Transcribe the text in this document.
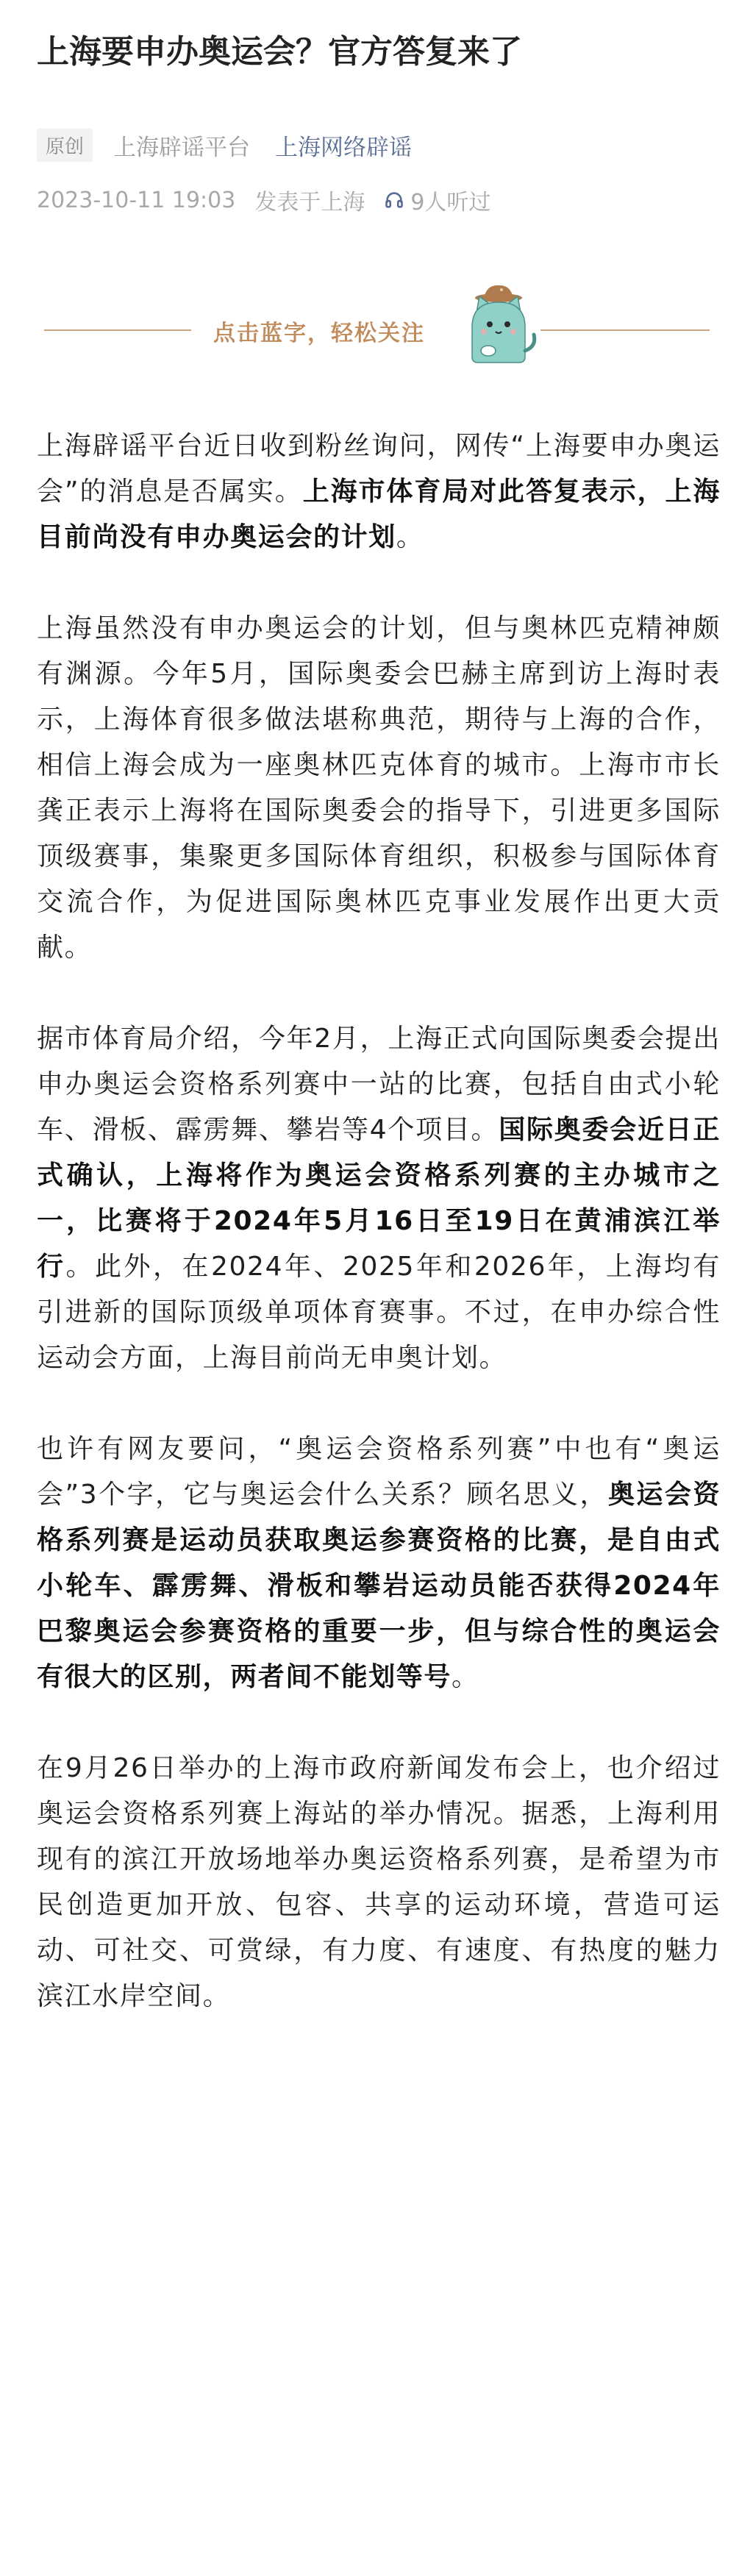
上海要申办奥运会？官方答复来了
原创	上海辟谣平台 上海网络辟谣
2023-10-11 19:03 发表于上海 9人听过
点击蓝字，轻松关注

上海辟谣平台近日收到粉丝询问，网传“上海要申办奥运会”的消息是否属实。上海市体育局对此答复表示，上海目前尚没有申办奥运会的计划。

上海虽然没有申办奥运会的计划，但与奥林匹克精神颇有渊源。今年5月，国际奥委会巴赫主席到访上海时表示，上海体育很多做法堪称典范，期待与上海的合作，相信上海会成为一座奥林匹克体育的城市。上海市市长龚正表示上海将在国际奥委会的指导下，引进更多国际顶级赛事，集聚更多国际体育组织，积极参与国际体育交流合作，为促进国际奥林匹克事业发展作出更大贡献。

据市体育局介绍，今年2月，上海正式向国际奥委会提出申办奥运会资格系列赛中一站的比赛，包括自由式小轮车、滑板、霹雳舞、攀岩等4个项目。国际奥委会近日正式确认，上海将作为奥运会资格系列赛的主办城市之一，比赛将于2024年5月16日至19日在黄浦滨江举行。此外，在2024年、2025年和2026年，上海均有引进新的国际顶级单项体育赛事。不过，在申办综合性运动会方面，上海目前尚无申奥计划。

也许有网友要问，“奥运会资格系列赛”中也有“奥运会”3个字，它与奥运会什么关系？顾名思义，奥运会资格系列赛是运动员获取奥运参赛资格的比赛，是自由式小轮车、霹雳舞、滑板和攀岩运动员能否获得2024年巴黎奥运会参赛资格的重要一步，但与综合性的奥运会有很大的区别，两者间不能划等号。

在9月26日举办的上海市政府新闻发布会上，也介绍过奥运会资格系列赛上海站的举办情况。据悉，上海利用现有的滨江开放场地举办奥运资格系列赛，是希望为市民创造更加开放、包容、共享的运动环境，营造可运动、可社交、可赏绿，有力度、有速度、有热度的魅力滨江水岸空间。
